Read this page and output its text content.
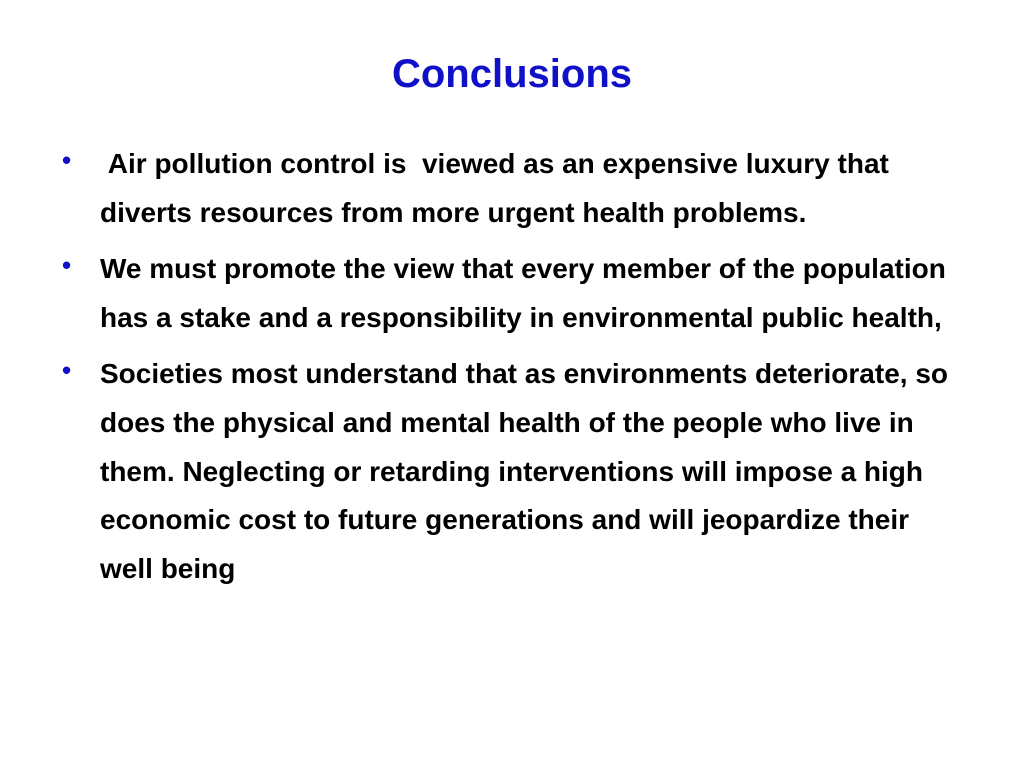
Conclusions
• Air pollution control is  viewed as an expensive luxury that diverts resources from more urgent health problems.
• We must promote the view that every member of the population has a stake and a responsibility in environmental public health,
• Societies most understand that as environments deteriorate, so does the physical and mental health of the people who live in them. Neglecting or retarding interventions will impose a high economic cost to future generations and will jeopardize their well being
